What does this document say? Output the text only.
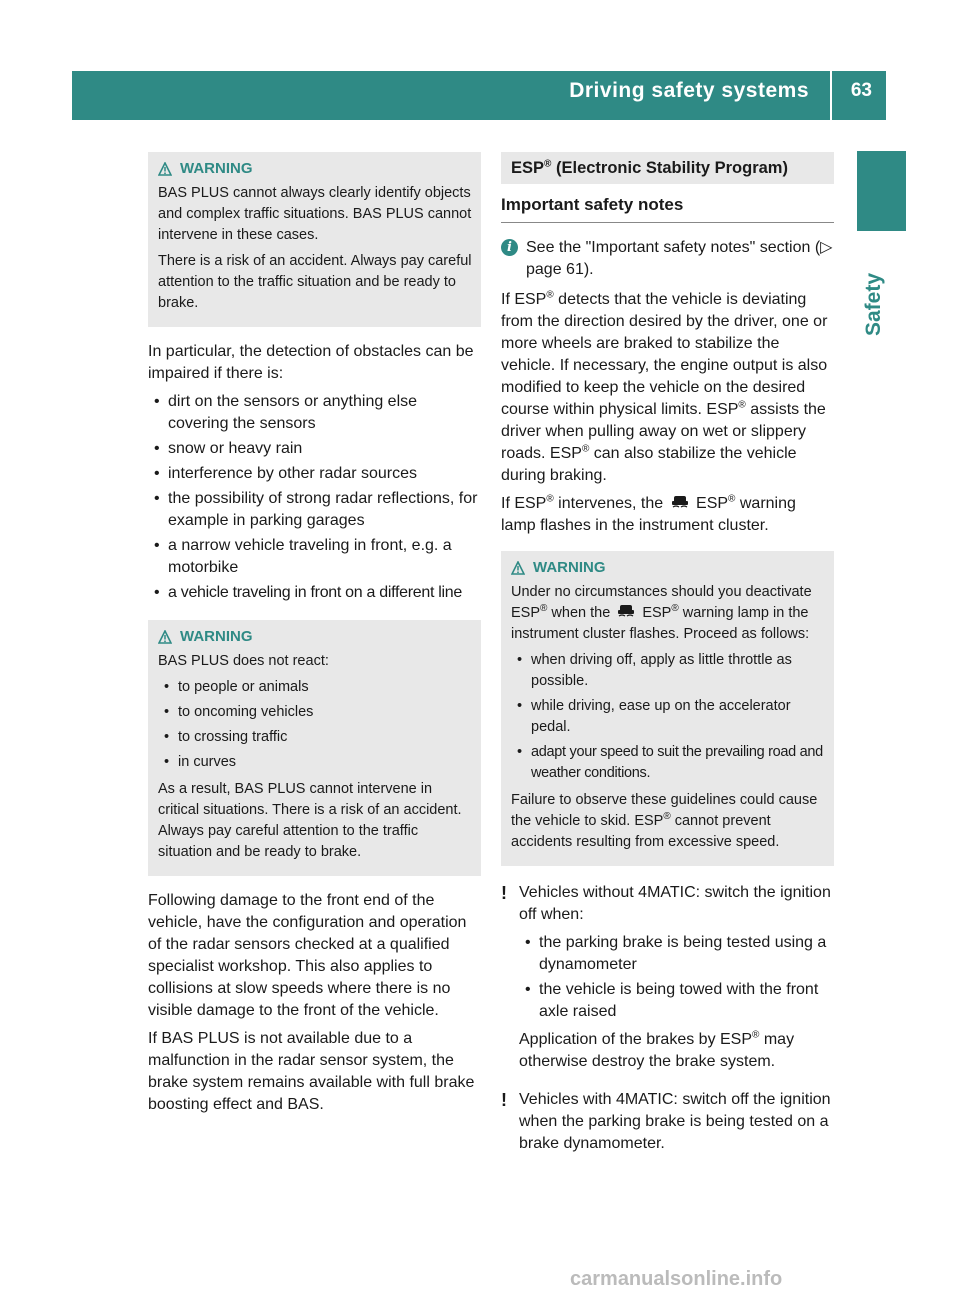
Driving safety systems	63
Safety
WARNING

BAS PLUS cannot always clearly identify objects and complex traffic situations. BAS PLUS cannot intervene in these cases.

There is a risk of an accident. Always pay careful attention to the traffic situation and be ready to brake.

In particular, the detection of obstacles can be impaired if there is:

• dirt on the sensors or anything else covering the sensors
• snow or heavy rain
• interference by other radar sources
• the possibility of strong radar reflections, for example in parking garages
• a narrow vehicle traveling in front, e.g. a motorbike
• a vehicle traveling in front on a different line
WARNING

BAS PLUS does not react:

• to people or animals
• to oncoming vehicles
• to crossing traffic
• in curves

As a result, BAS PLUS cannot intervene in critical situations. There is a risk of an accident. Always pay careful attention to the traffic situation and be ready to brake.

Following damage to the front end of the vehicle, have the configuration and operation of the radar sensors checked at a qualified specialist workshop. This also applies to collisions at slow speeds where there is no visible damage to the front of the vehicle.

If BAS PLUS is not available due to a malfunction in the radar sensor system, the brake system remains available with full brake boosting effect and BAS.

ESP® (Electronic Stability Program)
Important safety notes
i See the "Important safety notes" section (▷ page 61).

If ESP® detects that the vehicle is deviating from the direction desired by the driver, one or more wheels are braked to stabilize the vehicle. If necessary, the engine output is also modified to keep the vehicle on the desired course within physical limits. ESP® assists the driver when pulling away on wet or slippery roads. ESP® can also stabilize the vehicle during braking.

If ESP® intervenes, the  ESP® warning lamp flashes in the instrument cluster.

WARNING

Under no circumstances should you deactivate ESP® when the  ESP® warning lamp in the instrument cluster flashes. Proceed as follows:

• when driving off, apply as little throttle as possible.
• while driving, ease up on the accelerator pedal.
• adapt your speed to suit the prevailing road and weather conditions.

Failure to observe these guidelines could cause the vehicle to skid. ESP® cannot prevent accidents resulting from excessive speed.

! Vehicles without 4MATIC: switch the ignition off when:

• the parking brake is being tested using a dynamometer
• the vehicle is being towed with the front axle raised

Application of the brakes by ESP® may otherwise destroy the brake system.

! Vehicles with 4MATIC: switch off the ignition when the parking brake is being tested on a brake dynamometer.

carmanualsonline.info
